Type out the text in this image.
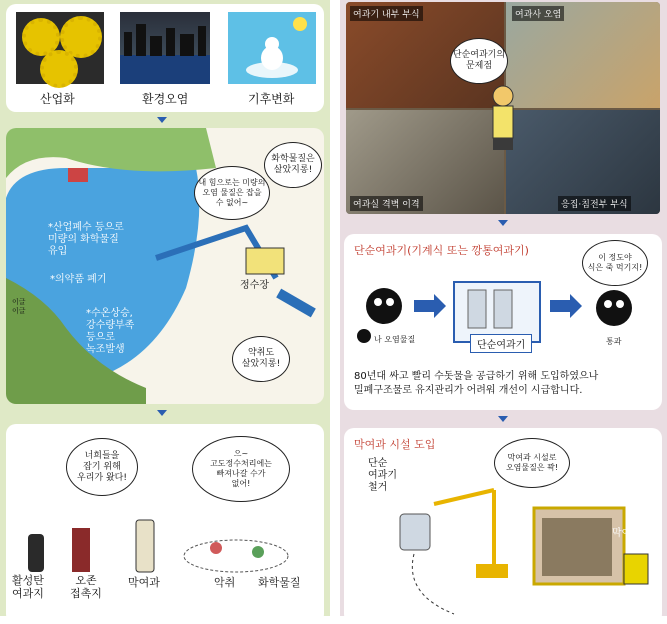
산업화	환경오염	기후변화
화학물질은
살았지롱!
내 힘으로는 미량의
오염 물질은 잡을
수 없어~
*산업폐수 등으로
미량의 화학물질
유입
*의약품 폐기
이글
이글	*수온상승,
강수량부족
등으로
녹조발생
정수장
약취도
살았지롱!
너희들을
잡기 위해
우리가 왔다!
으~
고도정수처리에는
빠져나갈 수가
없어!
활성탄
여과지
오존
접촉지
막여과	악취 화학물질
여과기 내부 부식	여과사 오염
여과실 격벽 이격	응집·침전부 부식
단순여과기의
문제점
단순여과기(기계식 또는 깡통여과기)
이 정도야
식은 죽 먹기지!
나 오염물질
단순여과기	통과
80년대 싸고 빨리 수돗물을 공급하기 위해 도입하였으나
밀폐구조물로 유지관리가 어려워 개선이 시급합니다.
막여과 시설 도입
단순
여과기
철거
막여과 시설로
오염물질은 꽉!
막여과
